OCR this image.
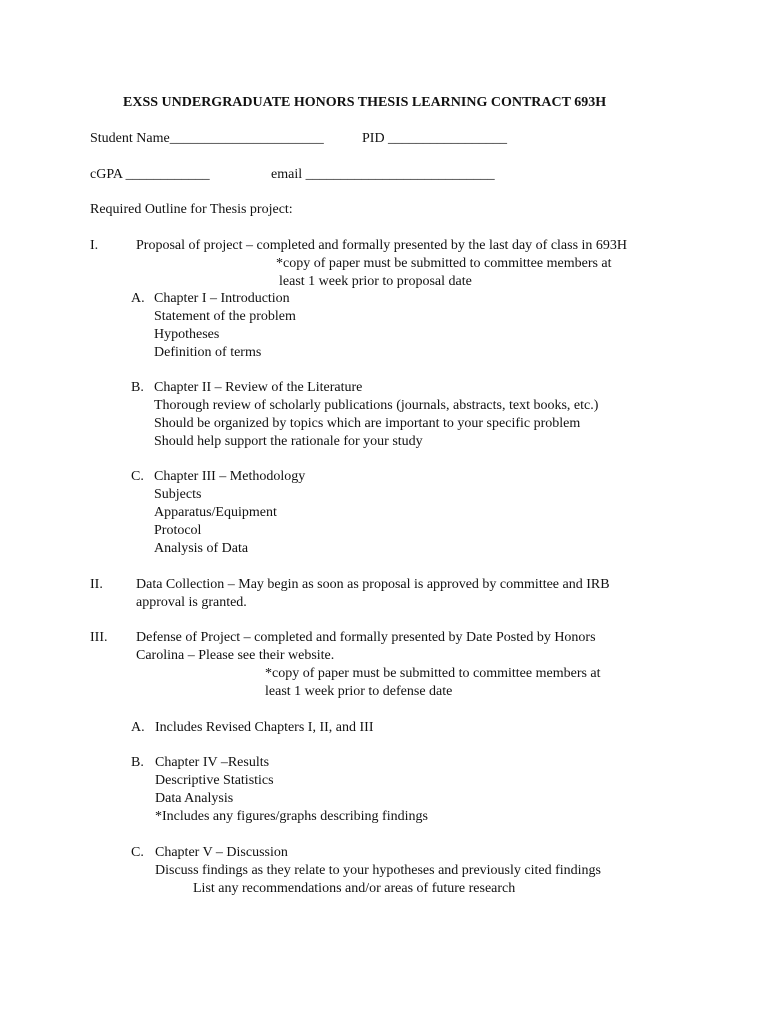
EXSS UNDERGRADUATE HONORS THESIS LEARNING CONTRACT 693H
Student Name______________________	PID _________________
cGPA ____________	email ___________________________
Required Outline for Thesis project:
I.	Proposal of project – completed and formally presented by the last day of class in 693H
*copy of paper must be submitted to committee members at
least 1 week prior to proposal date
A. Chapter I – Introduction
Statement of the problem
Hypotheses
Definition of terms
B. Chapter II – Review of the Literature
Thorough review of scholarly publications (journals, abstracts, text books, etc.)
Should be organized by topics which are important to your specific problem
Should help support the rationale for your study
C. Chapter III – Methodology
Subjects
Apparatus/Equipment
Protocol
Analysis of Data
II. Data Collection – May begin as soon as proposal is approved by committee and IRB
approval is granted.
III. Defense of Project – completed and formally presented by Date Posted by Honors
Carolina – Please see their website.
*copy of paper must be submitted to committee members at
least 1 week prior to defense date
A. Includes Revised Chapters I, II, and III
B. Chapter IV –Results
Descriptive Statistics
Data Analysis
*Includes any figures/graphs describing findings
C. Chapter V – Discussion
Discuss findings as they relate to your hypotheses and previously cited findings
List any recommendations and/or areas of future research
